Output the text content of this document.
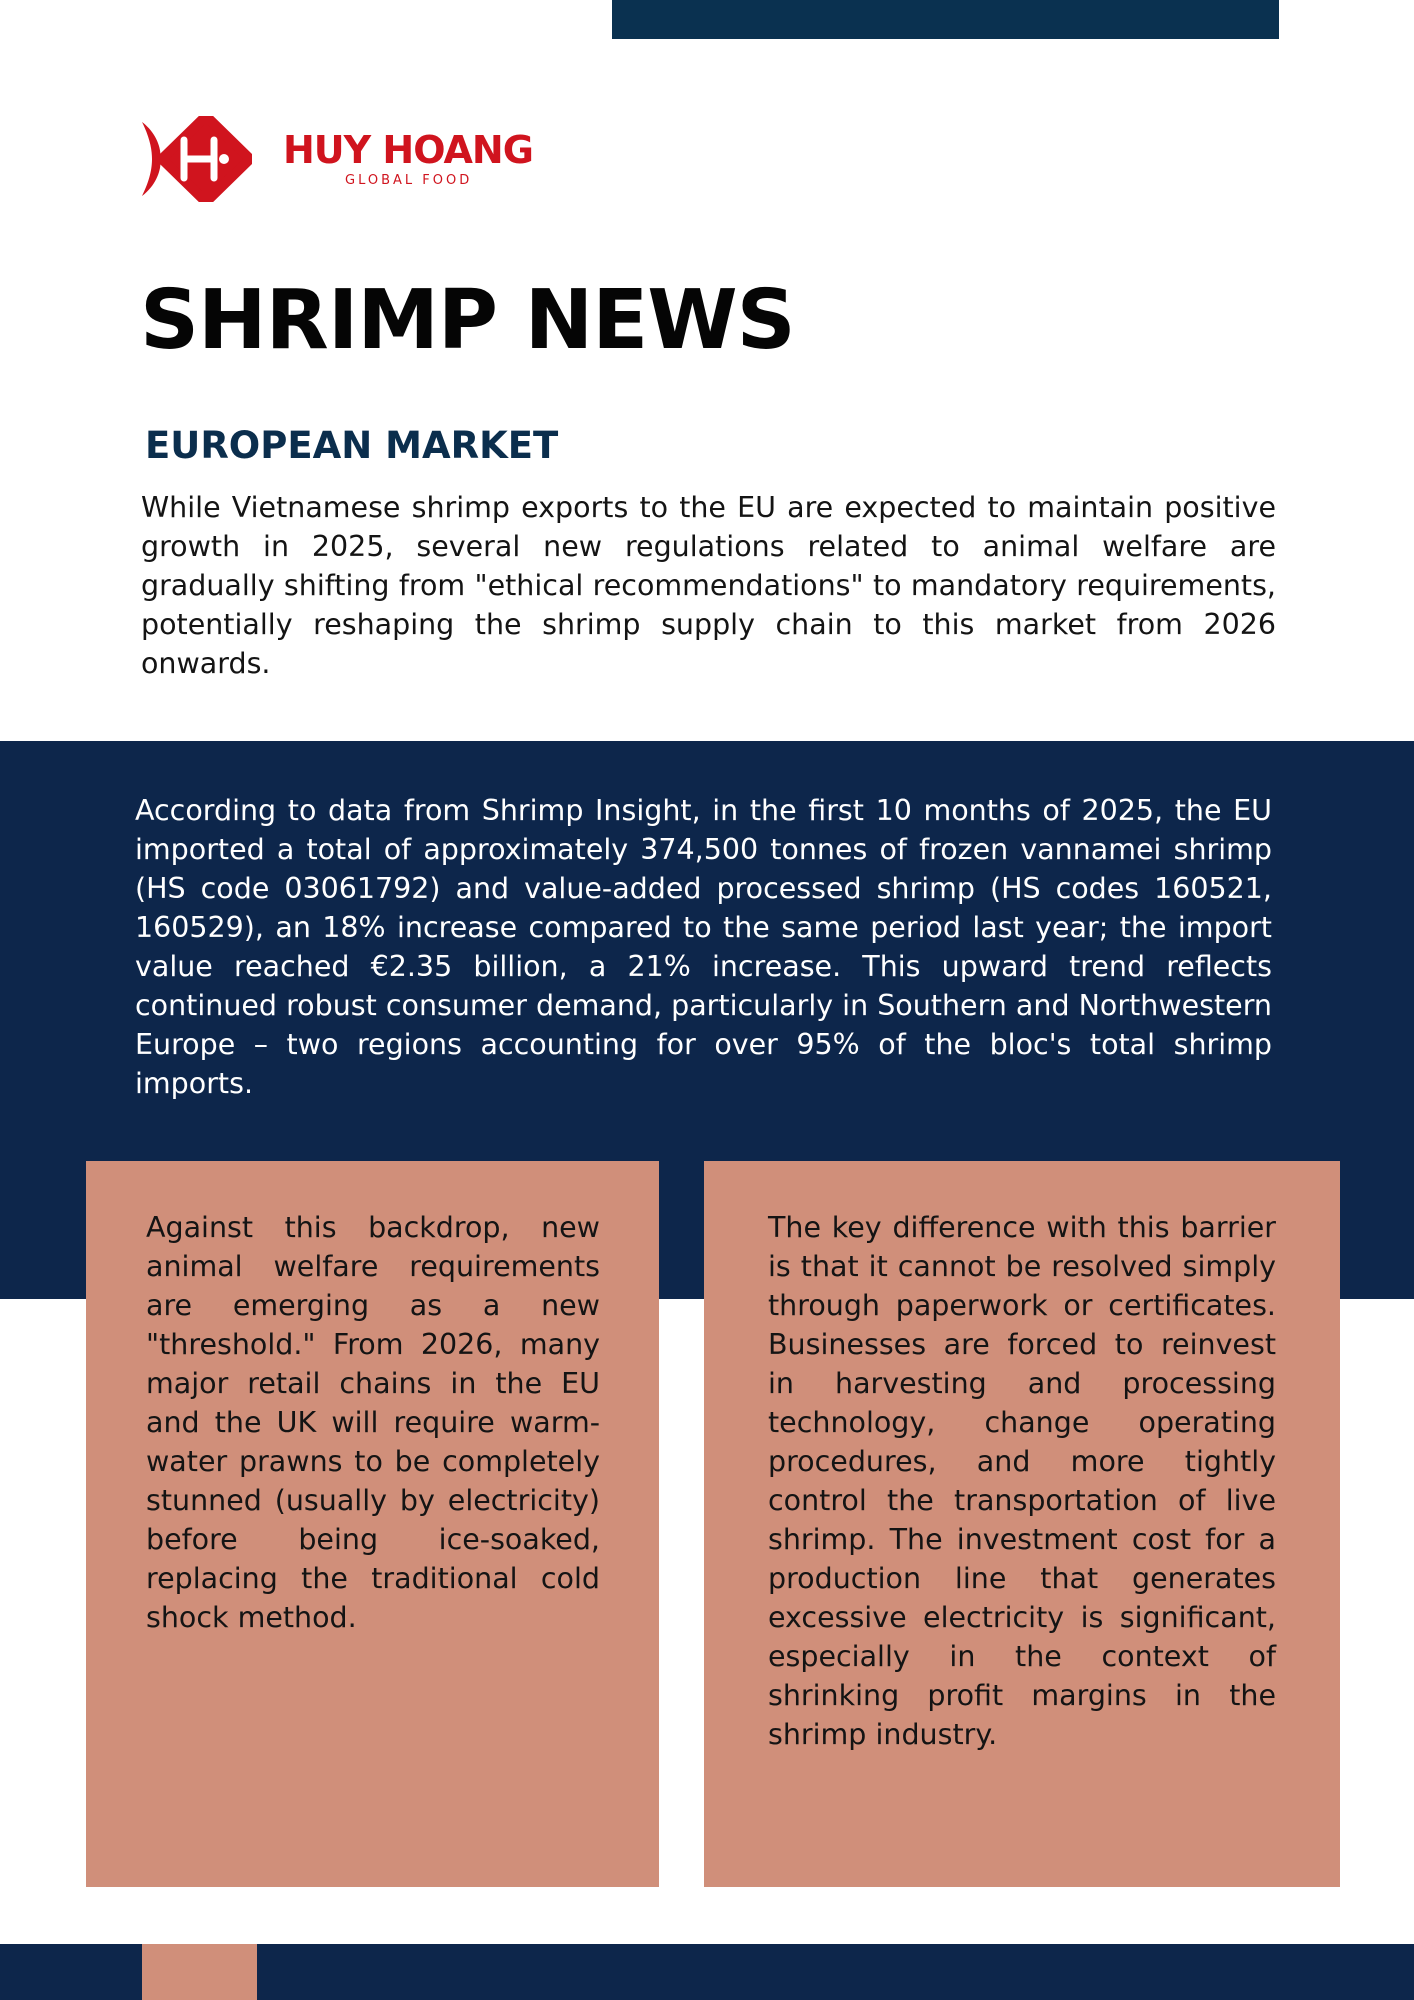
HUY HOANG
GLOBAL FOOD
SHRIMP NEWS
EUROPEAN MARKET

While Vietnamese shrimp exports to the EU are expected to maintain positive growth in 2025, several new regulations related to animal welfare are gradually shifting from "ethical recommendations" to mandatory requirements, potentially reshaping the shrimp supply chain to this market from 2026 onwards.

According to data from Shrimp Insight, in the first 10 months of 2025, the EU imported a total of approximately 374,500 tonnes of frozen vannamei shrimp (HS code 03061792) and value-added processed shrimp (HS codes 160521, 160529), an 18% increase compared to the same period last year; the import value reached €2.35 billion, a 21% increase. This upward trend reflects continued robust consumer demand, particularly in Southern and Northwestern Europe – two regions accounting for over 95% of the bloc's total shrimp imports.

Against this backdrop, new animal welfare requirements are emerging as a new "threshold." From 2026, many major retail chains in the EU and the UK will require warm-water prawns to be completely stunned (usually by electricity) before being ice-soaked, replacing the traditional cold shock method.

The key difference with this barrier is that it cannot be resolved simply through paperwork or certificates. Businesses are forced to reinvest in harvesting and processing technology, change operating procedures, and more tightly control the transportation of live shrimp. The investment cost for a production line that generates excessive electricity is significant, especially in the context of shrinking profit margins in the shrimp industry.
